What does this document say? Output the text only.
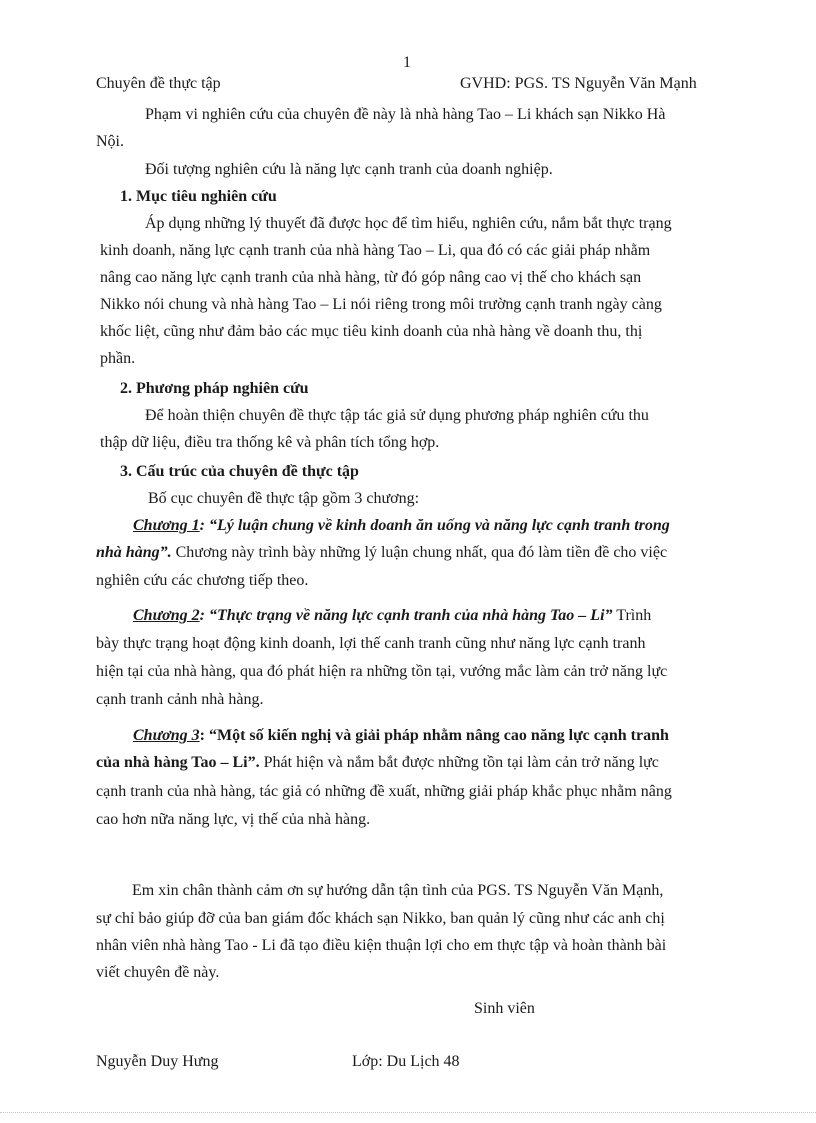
1
Chuyên đề thực tập	GVHD: PGS. TS Nguyễn Văn Mạnh
Phạm vi nghiên cứu của chuyên đề này là nhà hàng Tao – Li khách sạn Nikko Hà
Nội.
Đối tượng nghiên cứu là năng lực cạnh tranh của doanh nghiệp.
1. Mục tiêu nghiên cứu
Áp dụng những lý thuyết đã được học để tìm hiểu, nghiên cứu, nắm bắt thực trạng
kinh doanh, năng lực cạnh tranh của nhà hàng Tao – Li, qua đó có các giải pháp nhằm
nâng cao năng lực cạnh tranh của nhà hàng, từ đó góp nâng cao vị thế cho khách sạn
Nikko nói chung và nhà hàng Tao – Li nói riêng trong môi trường cạnh tranh ngày càng
khốc liệt, cũng như đảm bảo các mục tiêu kinh doanh của nhà hàng về doanh thu, thị
phần.
2. Phương pháp nghiên cứu
Để hoàn thiện chuyên đề thực tập tác giả sử dụng phương pháp nghiên cứu thu
thập dữ liệu, điều tra thống kê và phân tích tổng hợp.
3. Cấu trúc của chuyên đề thực tập
Bố cục chuyên đề thực tập gồm 3 chương:
Chương 1: “Lý luận chung về kinh doanh ăn uống và năng lực cạnh tranh trong
nhà hàng”. Chương này trình bày những lý luận chung nhất, qua đó làm tiền đề cho việc
nghiên cứu các chương tiếp theo.
Chương 2: “Thực trạng về năng lực cạnh tranh của nhà hàng Tao – Li” Trình
bày thực trạng hoạt động kinh doanh, lợi thế canh tranh cũng như năng lực cạnh tranh
hiện tại của nhà hàng, qua đó phát hiện ra những tồn tại, vướng mắc làm cản trở năng lực
cạnh tranh cảnh nhà hàng.
Chương 3: “Một số kiến nghị và giải pháp nhằm nâng cao năng lực cạnh tranh
của nhà hàng Tao – Li”. Phát hiện và nắm bắt được những tồn tại làm cản trở năng lực
cạnh tranh của nhà hàng, tác giả có những đề xuất, những giải pháp khắc phục nhằm nâng
cao hơn nữa năng lực, vị thế của nhà hàng.
Em xin chân thành cảm ơn sự hướng dẫn tận tình của PGS. TS Nguyễn Văn Mạnh,
sự chỉ bảo giúp đỡ của ban giám đốc khách sạn Nikko, ban quản lý cũng như các anh chị
nhân viên nhà hàng Tao - Li đã tạo điều kiện thuận lợi cho em thực tập và hoàn thành bài
viết chuyên đề này.
Sinh viên
Nguyễn Duy Hưng	Lớp: Du Lịch 48
